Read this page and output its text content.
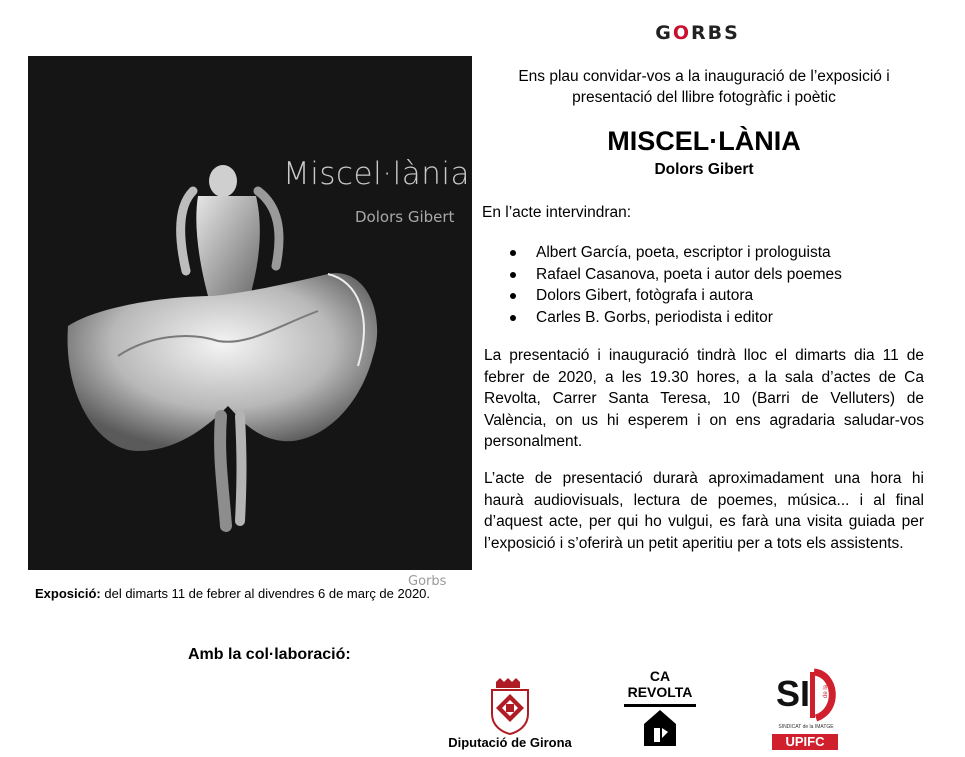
GORBS
Miscel·lània
Dolors Gibert
Gorbs
Exposició: del dimarts 11 de febrer al divendres 6 de març de 2020.
Ens plau convidar-vos a la inauguració de l’exposició i presentació del llibre fotogràfic i poètic
MISCEL·LÀNIA
Dolors Gibert
En l’acte intervindran:
Albert García, poeta, escriptor i prologuista
Rafael Casanova, poeta i autor dels poemes
Dolors Gibert, fotògrafa i autora
Carles B. Gorbs, periodista i editor
La presentació i inauguració tindrà lloc el dimarts dia 11 de febrer de 2020, a les 19.30 hores, a la sala d’actes de Ca Revolta, Carrer Santa Teresa, 10 (Barri de Velluters) de València, on us hi esperem i on ens agradaria saludar-vos personalment.
L’acte de presentació durarà aproximadament una hora hi haurà audiovisuals, lectura de poemes, música... i al final d’aquest acte, per qui ho vulgui, es farà una visita guiada per l’exposició i s’oferirà un petit aperitiu per a tots els assistents.
Amb la col·laboració:
Diputació de Girona
CA
REVOLTA SI de la
SINDICAT de la IMATGE
UPIFC
